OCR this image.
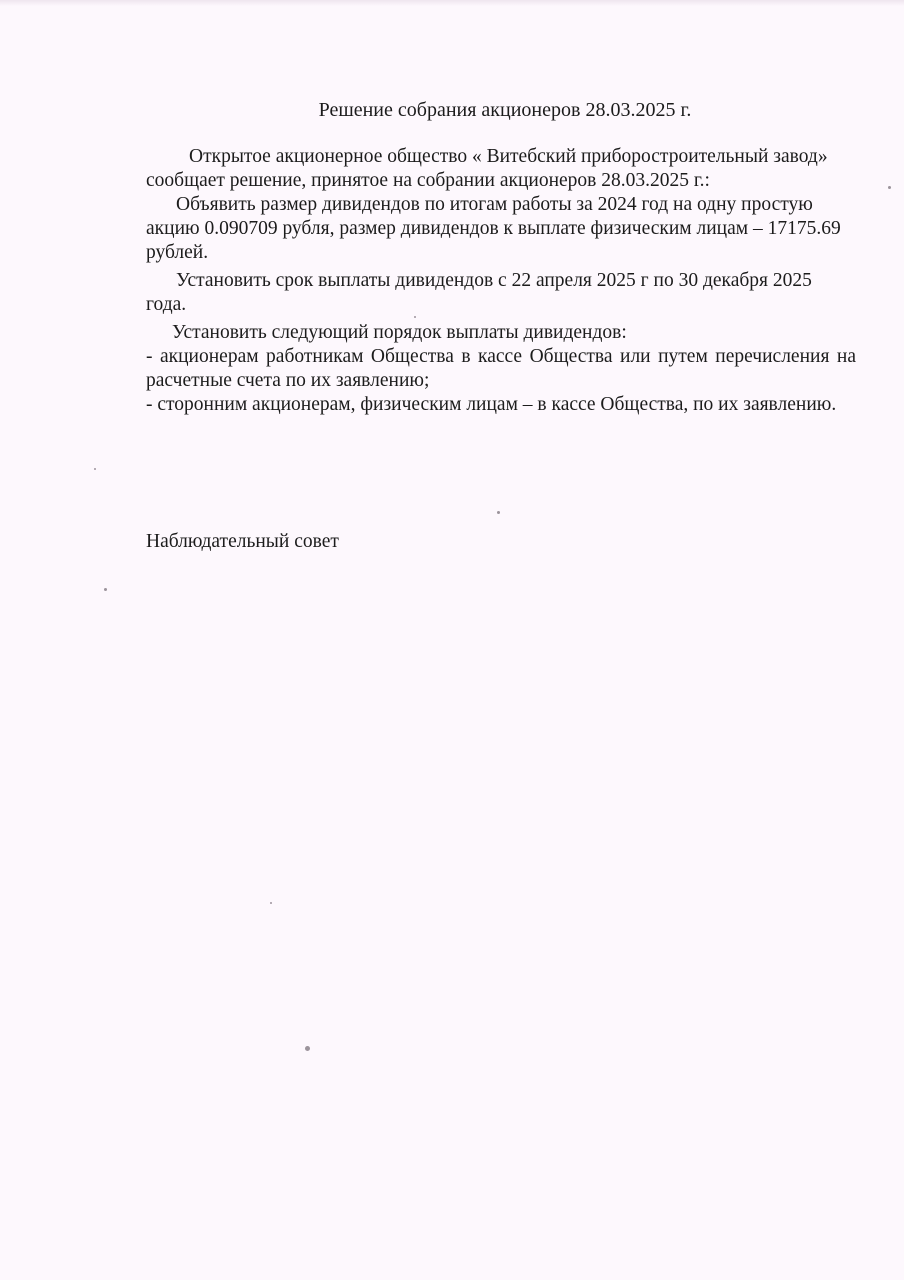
Решение собрания акционеров 28.03.2025 г.

Открытое акционерное общество « Витебский приборостроительный завод» сообщает решение, принятое на собрании акционеров 28.03.2025 г.:

Объявить размер дивидендов по итогам работы за 2024 год на одну простую акцию 0.090709 рубля, размер дивидендов к выплате физическим лицам – 17175.69 рублей.

Установить срок выплаты дивидендов с 22 апреля 2025 г по 30 декабря 2025 года.

Установить следующий порядок выплаты дивидендов:

- акционерам работникам Общества в кассе Общества или путем перечисления на расчетные счета по их заявлению;

- сторонним акционерам, физическим лицам – в кассе Общества, по их заявлению.

Наблюдательный совет
